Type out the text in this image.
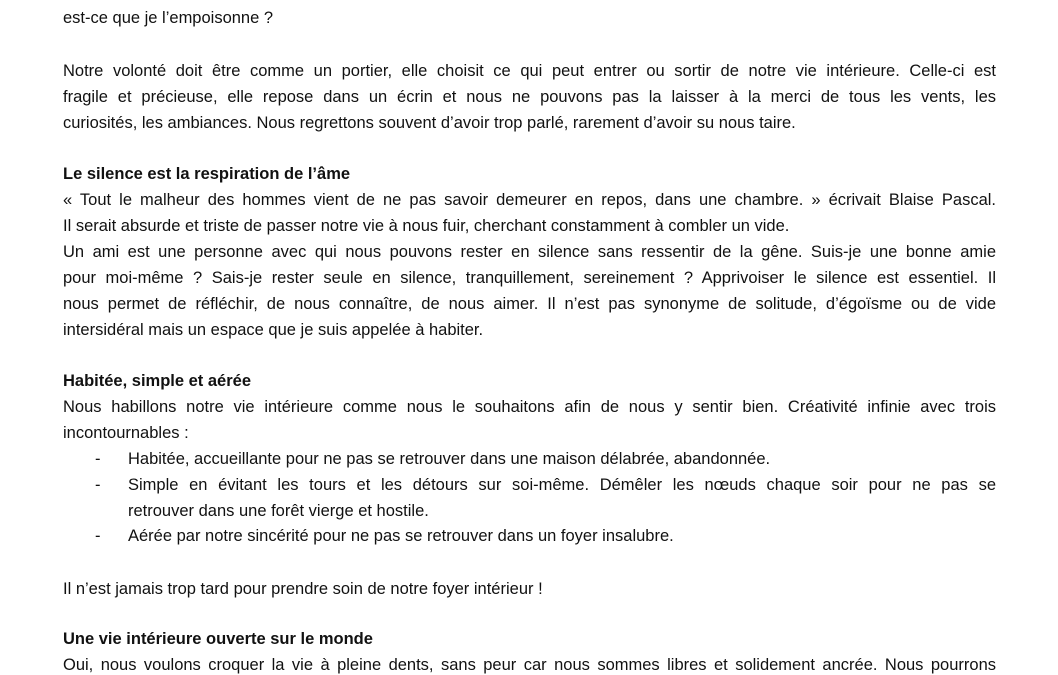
est-ce que je l’empoisonne ?

Notre volonté doit être comme un portier, elle choisit ce qui peut entrer ou sortir de notre vie intérieure. Celle-ci est
fragile et précieuse, elle repose dans un écrin et nous ne pouvons pas la laisser à la merci de tous les vents, les
curiosités, les ambiances. Nous regrettons souvent d’avoir trop parlé, rarement d’avoir su nous taire.

Le silence est la respiration de l’âme

« Tout le malheur des hommes vient de ne pas savoir demeurer en repos, dans une chambre. » écrivait Blaise Pascal.
Il serait absurde et triste de passer notre vie à nous fuir, cherchant constamment à combler un vide.

Un ami est une personne avec qui nous pouvons rester en silence sans ressentir de la gêne. Suis-je une bonne amie
pour moi-même ? Sais-je rester seule en silence, tranquillement, sereinement ? Apprivoiser le silence est essentiel. Il
nous permet de réfléchir, de nous connaître, de nous aimer. Il n’est pas synonyme de solitude, d’égoïsme ou de vide
intersidéral mais un espace que je suis appelée à habiter.

Habitée, simple et aérée

Nous habillons notre vie intérieure comme nous le souhaitons afin de nous y sentir bien. Créativité infinie avec trois
incontournables :

- Habitée, accueillante pour ne pas se retrouver dans une maison délabrée, abandonnée.
- Simple en évitant les tours et les détours sur soi-même. Démêler les nœuds chaque soir pour ne pas se
retrouver dans une forêt vierge et hostile.
- Aérée par notre sincérité pour ne pas se retrouver dans un foyer insalubre.

Il n’est jamais trop tard pour prendre soin de notre foyer intérieur !

Une vie intérieure ouverte sur le monde

Oui, nous voulons croquer la vie à pleine dents, sans peur car nous sommes libres et solidement ancrée. Nous pourrons
